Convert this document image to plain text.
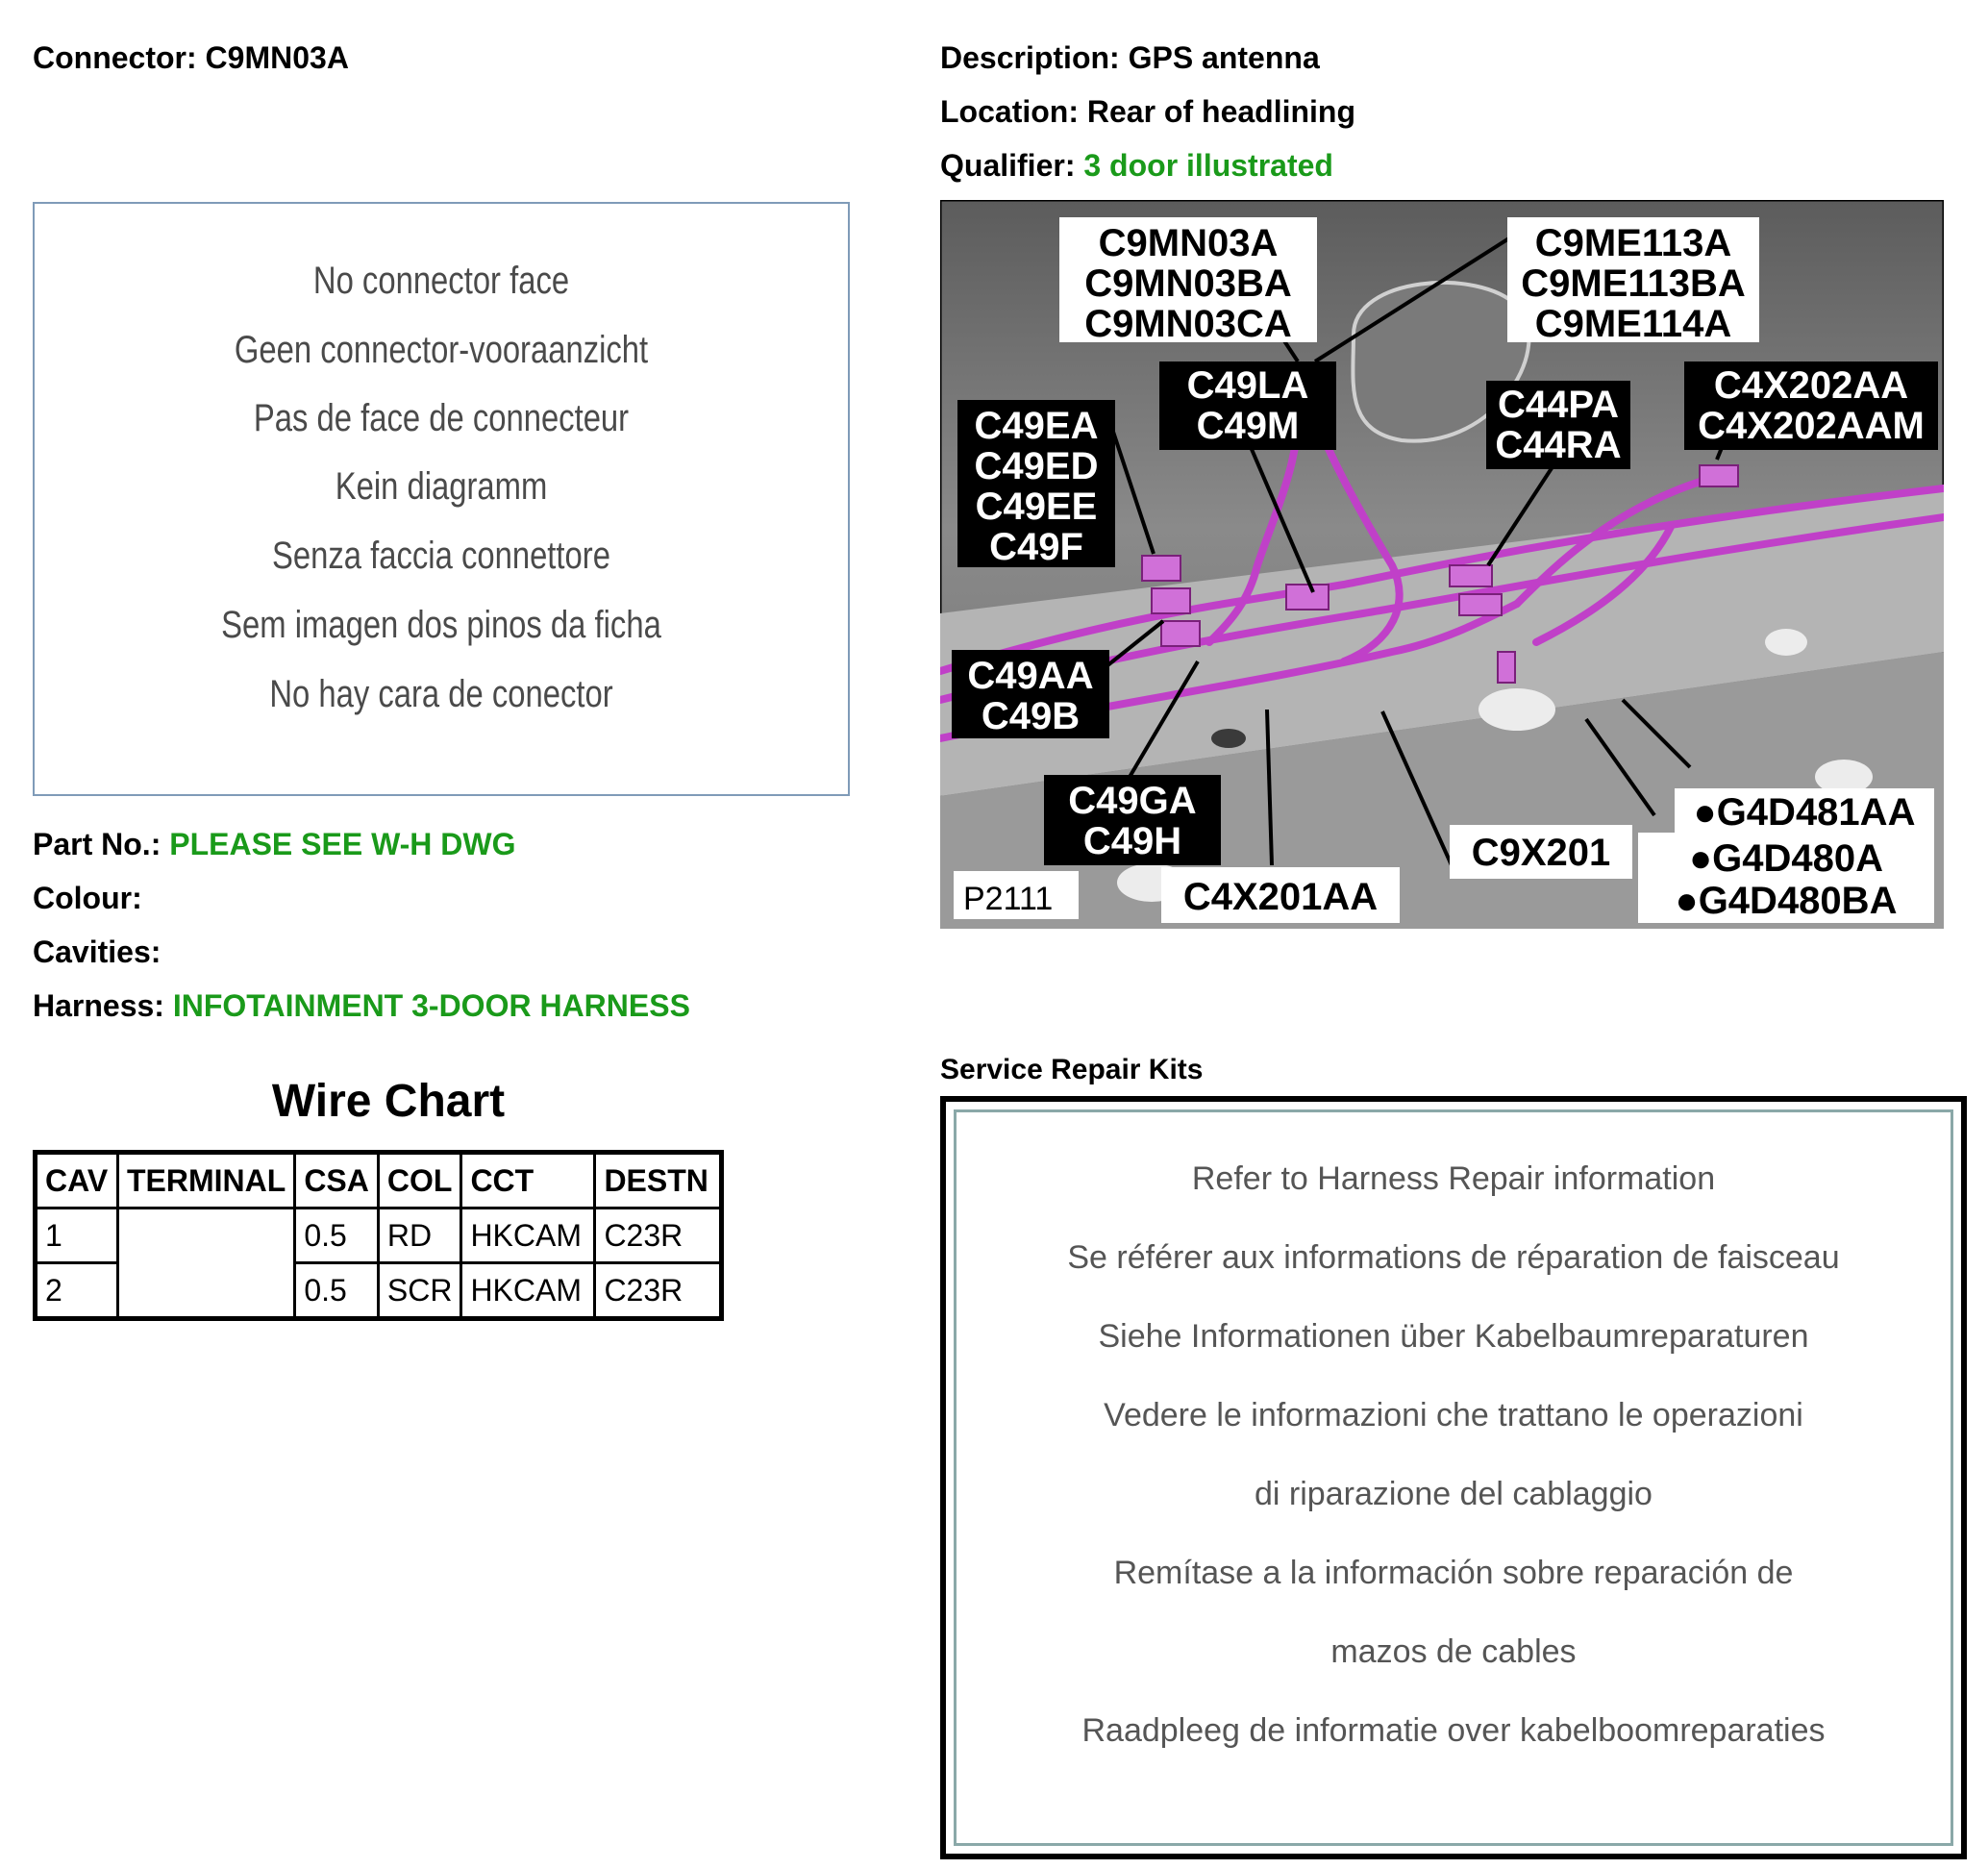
Connector: C9MN03A	Description: GPS antenna
Location: Rear of headlining
Qualifier: 3 door illustrated
No connector face
Geen connector-vooraanzicht
Pas de face de connecteur
Kein diagramm
Senza faccia connettore
Sem imagen dos pinos da ficha
No hay cara de conector
Part No.: PLEASE SEE W-H DWG
Colour:
Cavities:
Harness: INFOTAINMENT 3-DOOR HARNESS
Wire Chart
CAV	TERMINAL	CSA	COL	CCT	DESTN
1		0.5	RD	HKCAM	C23R
2		0.5	SCR	HKCAM	C23R
C9MN03A
C9MN03BA
C9MN03CA
C9ME113A
C9ME113BA
C9ME114A
C49LA
C49M	C44PA
C44RA
C4X202AA
C4X202AAM
C49EA
C49ED
C49EE
C49F
C49AA
C49B
C49GA
C49H
C4X201AA
C9X201
●G4D481AA
●G4D480A
●G4D480BA
P2111
Service Repair Kits
Refer to Harness Repair information
Se référer aux informations de réparation de faisceau
Siehe Informationen über Kabelbaumreparaturen
Vedere le informazioni che trattano le operazioni
di riparazione del cablaggio
Remítase a la información sobre reparación de
mazos de cables
Raadpleeg de informatie over kabelboomreparaties
